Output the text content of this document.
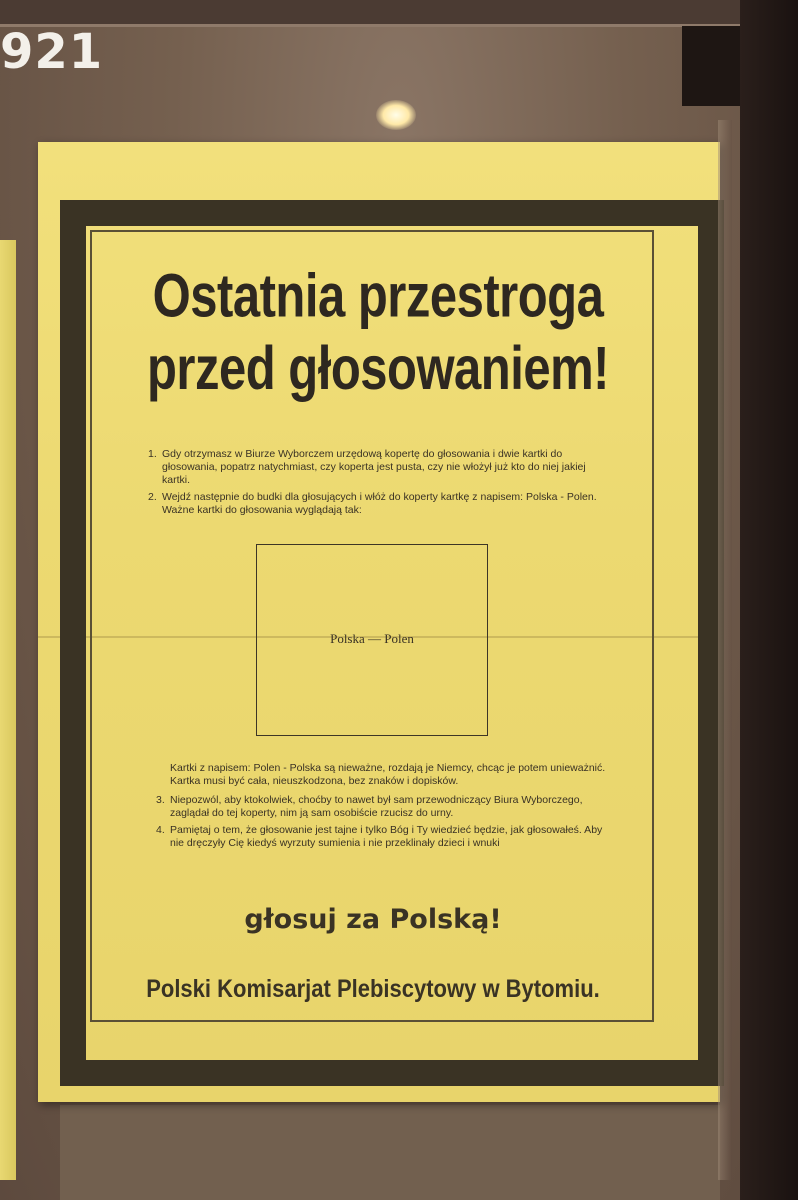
921
Ostatnia przestroga
przed głosowaniem!
1. Gdy otrzymasz w Biurze Wyborczem urzędową kopertę do głosowania i dwie kartki do głosowania, popatrz natychmiast, czy koperta jest pusta, czy nie włożył już kto do niej jakiej kartki.
2. Wejdź następnie do budki dla głosujących i włóż do koperty kartkę z napisem: Polska - Polen. Ważne kartki do głosowania wyglądają tak:
Polska — Polen
Kartki z napisem: Polen - Polska są nieważne, rozdają je Niemcy, chcąc je potem unieważnić. Kartka musi być cała, nieuszkodzona, bez znaków i dopisków.
3. Niepozwól, aby ktokolwiek, choćby to nawet był sam przewodniczący Biura Wyborczego, zaglądał do tej koperty, nim ją sam osobiście rzucisz do urny.
4. Pamiętaj o tem, że głosowanie jest tajne i tylko Bóg i Ty wiedzieć będzie, jak głosowałeś. Aby nie dręczyły Cię kiedyś wyrzuty sumienia i nie przeklinały dzieci i wnuki
głosuj za Polską!
Polski Komisarjat Plebiscytowy w Bytomiu.
